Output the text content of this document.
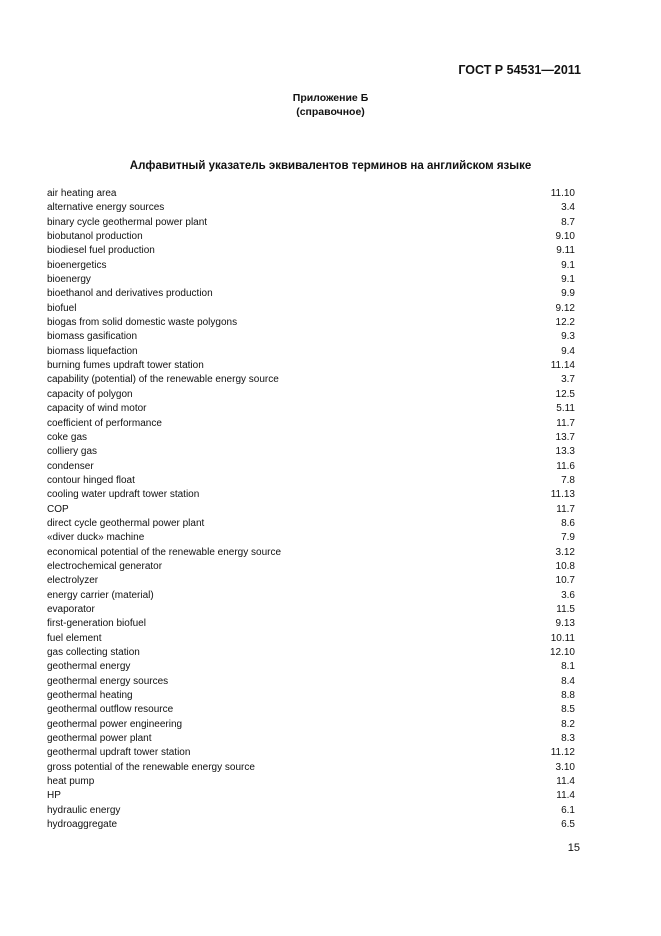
ГОСТ Р 54531—2011
Приложение Б
(справочное)
Алфавитный указатель эквивалентов терминов на английском языке
air heating area	11.10
alternative energy sources	3.4
binary cycle geothermal power plant	8.7
biobutanol production	9.10
biodiesel fuel production	9.11
bioenergetics	9.1
bioenergy	9.1
bioethanol and derivatives production	9.9
biofuel	9.12
biogas from solid domestic waste polygons	12.2
biomass gasification	9.3
biomass liquefaction	9.4
burning fumes updraft tower station	11.14
capability (potential) of the renewable energy source	3.7
capacity of polygon	12.5
capacity of wind motor	5.11
coefficient of performance	11.7
coke gas	13.7
colliery gas	13.3
condenser	11.6
contour hinged float	7.8
cooling water updraft tower station	11.13
COP	11.7
direct cycle geothermal power plant	8.6
«diver duck» machine	7.9
economical potential of the renewable energy source	3.12
electrochemical generator	10.8
electrolyzer	10.7
energy carrier (material)	3.6
evaporator	11.5
first-generation biofuel	9.13
fuel element	10.11
gas collecting station	12.10
geothermal energy	8.1
geothermal energy sources	8.4
geothermal heating	8.8
geothermal outflow resource	8.5
geothermal power engineering	8.2
geothermal power plant	8.3
geothermal updraft tower station	11.12
gross potential of the renewable energy source	3.10
heat pump	11.4
HP	11.4
hydraulic energy	6.1
hydroaggregate	6.5
15
